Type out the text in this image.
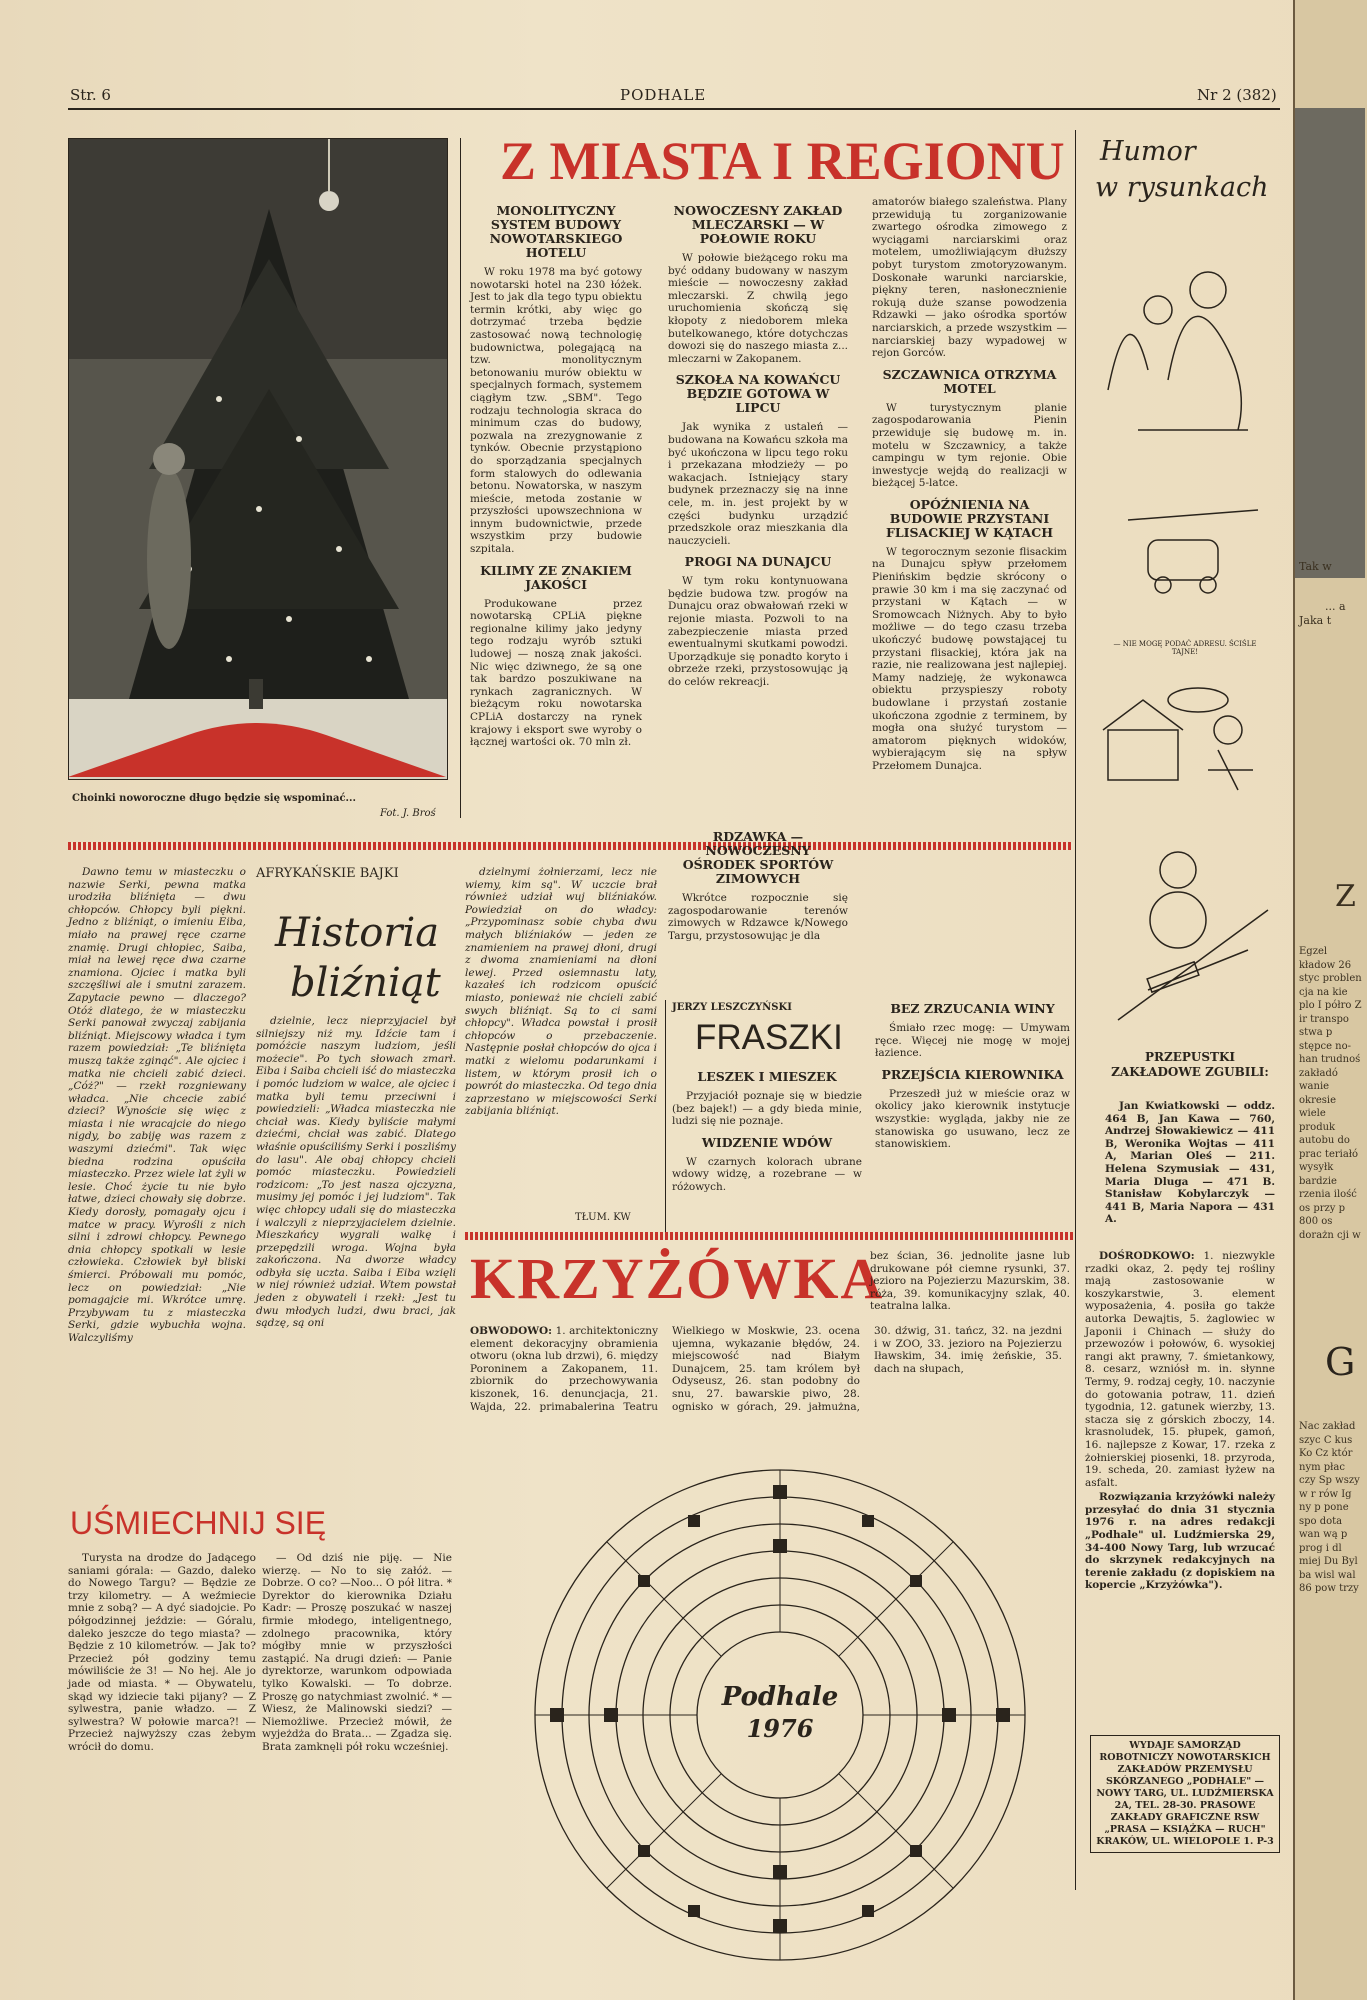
Str. 6	PODHALE	Nr 2 (382)
Choinki noworoczne długo będzie się wspominać...
Fot. J. Broś
Z MIASTA I REGIONU
MONOLITYCZNY SYSTEM BUDOWY NOWOTARSKIEGO HOTELU

W roku 1978 ma być gotowy nowotarski hotel na 230 łóżek. Jest to jak dla tego typu obiektu termin krótki, aby więc go dotrzymać trzeba będzie zastosować nową technologię budownictwa, polegającą na tzw. monolitycznym betonowaniu murów obiektu w specjalnych formach, systemem ciągłym tzw. „SBM". Tego rodzaju technologia skraca do minimum czas do budowy, pozwala na zrezygnowanie z tynków. Obecnie przystąpiono do sporządzania specjalnych form stalowych do odlewania betonu. Nowatorska, w naszym mieście, metoda zostanie w przyszłości upowszechniona w innym budownictwie, przede wszystkim przy budowie szpitala.

KILIMY ZE ZNAKIEM JAKOŚCI

Produkowane przez nowotarską CPLiA piękne regionalne kilimy jako jedyny tego rodzaju wyrób sztuki ludowej — noszą znak jakości. Nic więc dziwnego, że są one tak bardzo poszukiwane na rynkach zagranicznych. W bieżącym roku nowotarska CPLiA dostarczy na rynek krajowy i eksport swe wyroby o łącznej wartości ok. 70 mln zł.

NOWOCZESNY ZAKŁAD MLECZARSKI — W POŁOWIE ROKU

W połowie bieżącego roku ma być oddany budowany w naszym mieście — nowoczesny zakład mleczarski. Z chwilą jego uruchomienia skończą się kłopoty z niedoborem mleka butelkowanego, które dotychczas dowozi się do naszego miasta z... mleczarni w Zakopanem.

SZKOŁA NA KOWAŃCU BĘDZIE GOTOWA W LIPCU

Jak wynika z ustaleń — budowana na Kowańcu szkoła ma być ukończona w lipcu tego roku i przekazana młodzieży — po wakacjach. Istniejący stary budynek przeznaczy się na inne cele, m. in. jest projekt by w części budynku urządzić przedszkole oraz mieszkania dla nauczycieli.

PROGI NA DUNAJCU

W tym roku kontynuowana będzie budowa tzw. progów na Dunajcu oraz obwałowań rzeki w rejonie miasta. Pozwoli to na zabezpieczenie miasta przed ewentualnymi skutkami powodzi. Uporządkuje się ponadto koryto i obrzeże rzeki, przystosowując ją do celów rekreacji.

amatorów białego szaleństwa. Plany przewidują tu zorganizowanie zwartego ośrodka zimowego z wyciągami narciarskimi oraz motelem, umożliwiającym dłuższy pobyt turystom zmotoryzowanym. Doskonałe warunki narciarskie, piękny teren, nasłonecznienie rokują duże szanse powodzenia Rdzawki — jako ośrodka sportów narciarskich, a przede wszystkim — narciarskiej bazy wypadowej w rejon Gorców.

SZCZAWNICA OTRZYMA MOTEL

W turystycznym planie zagospodarowania Pienin przewiduje się budowę m. in. motelu w Szczawnicy, a także campingu w tym rejonie. Obie inwestycje wejdą do realizacji w bieżącej 5-latce.

OPÓŹNIENIA NA BUDOWIE PRZYSTANI FLISACKIEJ W KĄTACH

W tegorocznym sezonie flisackim na Dunajcu spływ przełomem Pienińskim będzie skrócony o prawie 30 km i ma się zaczynać od przystani w Kątach — w Sromowcach Niżnych. Aby to było możliwe — do tego czasu trzeba ukończyć budowę powstającej tu przystani flisackiej, która jak na razie, nie realizowana jest najlepiej. Mamy nadzieję, że wykonawca obiektu przyspieszy roboty budowlane i przystań zostanie ukończona zgodnie z terminem, by mogła ona służyć turystom — amatorom pięknych widoków, wybierającym się na spływ Przełomem Dunajca.

Humor
w rysunkach
— NIE MOGĘ PODAĆ ADRESU. ŚCIŚLE TAJNE!
PRZEPUSTKI ZAKŁADOWE ZGUBILI:

Jan Kwiatkowski — oddz. 464 B, Jan Kawa — 760, Andrzej Słowakiewicz — 411 B, Weronika Wojtas — 411 A, Marian Oleś — 211. Helena Szymusiak — 431, Maria Dluga — 471 B. Stanisław Kobylarczyk — 441 B, Maria Napora — 431 A.

RDZAWKA — NOWOCZESNY OŚRODEK SPORTÓW ZIMOWYCH

Wkrótce rozpocznie się zagospodarowanie terenów zimowych w Rdzawce k/Nowego Targu, przystosowując je dla

Dawno temu w miasteczku o nazwie Serki, pewna matka urodziła bliźnięta — dwu chłopców. Chłopcy byli piękni. Jedno z bliźniąt, o imieniu Eiba, miało na prawej ręce czarne znamię. Drugi chłopiec, Saiba, miał na lewej ręce dwa czarne znamiona. Ojciec i matka byli szczęśliwi ale i smutni zarazem. Zapytacie pewno — dlaczego? Otóż dlatego, że w miasteczku Serki panował zwyczaj zabijania bliźniąt. Miejscowy władca i tym razem powiedział: „Te bliźnięta muszą także zginąć". Ale ojciec i matka nie chcieli zabić dzieci. „Cóż?" — rzekł rozgniewany władca. „Nie chcecie zabić dzieci? Wynoście się więc z miasta i nie wracajcie do niego nigdy, bo zabiję was razem z waszymi dziećmi". Tak więc biedna rodzina opuściła miasteczko. Przez wiele lat żyli w lesie. Choć życie tu nie było łatwe, dzieci chowały się dobrze. Kiedy dorosły, pomagały ojcu i matce w pracy. Wyrośli z nich silni i zdrowi chłopcy. Pewnego dnia chłopcy spotkali w lesie człowieka. Człowiek był bliski śmierci. Próbowali mu pomóc, lecz on powiedział: „Nie pomagajcie mi. Wkrótce umrę. Przybywam tu z miasteczka Serki, gdzie wybuchła wojna. Walczyliśmy

AFRYKAŃSKIE BAJKI
Historia
bliźniąt

dzielnie, lecz nieprzyjaciel był silniejszy niż my. Idźcie tam i pomóżcie naszym ludziom, jeśli możecie". Po tych słowach zmarł. Eiba i Saiba chcieli iść do miasteczka i pomóc ludziom w walce, ale ojciec i matka byli temu przeciwni i powiedzieli: „Władca miasteczka nie chciał was. Kiedy byliście małymi dziećmi, chciał was zabić. Dlatego właśnie opuściliśmy Serki i poszliśmy do lasu". Ale obaj chłopcy chcieli pomóc miasteczku. Powiedzieli rodzicom: „To jest nasza ojczyzna, musimy jej pomóc i jej ludziom". Tak więc chłopcy udali się do miasteczka i walczyli z nieprzyjacielem dzielnie. Mieszkańcy wygrali walkę i przepędzili wroga. Wojna była zakończona. Na dworze władcy odbyła się uczta. Saiba i Eiba wzięli w niej również udział. Wtem powstał jeden z obywateli i rzekł: „Jest tu dwu młodych ludzi, dwu braci, jak sądzę, są oni

dzielnymi żołnierzami, lecz nie wiemy, kim są". W uczcie brał również udział wuj bliźniaków. Powiedział on do władcy: „Przypominasz sobie chyba dwu małych bliźniaków — jeden ze znamieniem na prawej dłoni, drugi z dwoma znamieniami na dłoni lewej. Przed osiemnastu laty, kazałeś ich rodzicom opuścić miasto, ponieważ nie chcieli zabić swych bliźniąt. Są to ci sami chłopcy". Władca powstał i prosił chłopców o przebaczenie. Następnie posłał chłopców do ojca i matki z wielomu podarunkami i listem, w którym prosił ich o powrót do miasteczka. Od tego dnia zaprzestano w miejscowości Serki zabijania bliźniąt.

TŁUM. KW
JERZY LESZCZYŃSKI
FRASZKI
LESZEK I MIESZEK

Przyjaciół poznaje się w biedzie (bez bajek!) — a gdy bieda minie, ludzi się nie poznaje.

WIDZENIE WDÓW

W czarnych kolorach ubrane wdowy widzę, a rozebrane — w różowych.

BEZ ZRZUCANIA WINY

Śmiało rzec mogę: — Umywam ręce. Więcej nie mogę w mojej łazience.

PRZEJŚCIA KIEROWNIKA

Przeszedł już w mieście oraz w okolicy jako kierownik instytucje wszystkie: wygląda, jakby nie ze stanowiska go usuwano, lecz ze stanowiskiem.

KRZYŻÓWKA

OBWODOWO: 1. architektoniczny element dekoracyjny obramienia otworu (okna lub drzwi), 6. między Poroninem a Zakopanem, 11. zbiornik do przechowywania kiszonek, 16. denuncjacja, 21. Wajda, 22. primabalerina Teatru Wielkiego w Moskwie, 23. ocena ujemna, wykazanie błędów, 24. miejscowość nad Białym Dunajcem, 25. tam królem był Odyseusz, 26. stan podobny do snu, 27. bawarskie piwo, 28. ognisko w górach, 29. jałmużna, 30. dźwig, 31. tańcz, 32. na jezdni i w ZOO, 33. jezioro na Pojezierzu Iławskim, 34. imię żeńskie, 35. dach na słupach,

bez ścian, 36. jednolite jasne lub drukowane pół ciemne rysunki, 37. jezioro na Pojezierzu Mazurskim, 38. róża, 39. komunikacyjny szlak, 40. teatralna lalka.

DOŚRODKOWO: 1. niezwykle rzadki okaz, 2. pędy tej rośliny mają zastosowanie w koszykarstwie, 3. element wyposażenia, 4. posiła go także autorka Dewajtis, 5. żaglowiec w Japonii i Chinach — służy do przewozów i połowów, 6. wysokiej rangi akt prawny, 7. śmietankowy, 8. cesarz, wzniósł m. in. słynne Termy, 9. rodzaj cegły, 10. naczynie do gotowania potraw, 11. dzień tygodnia, 12. gatunek wierzby, 13. stacza się z górskich zboczy, 14. krasnoludek, 15. płupek, gamoń, 16. najlepsze z Kowar, 17. rzeka z żołnierskiej piosenki, 18. przyroda, 19. scheda, 20. zamiast łyżew na asfalt.

Rozwiązania krzyżówki należy przesyłać do dnia 31 stycznia 1976 r. na adres redakcji „Podhale" ul. Ludźmierska 29, 34-400 Nowy Targ, lub wrzucać do skrzynek redakcyjnych na terenie zakładu (z dopiskiem na kopercie „Krzyżówka").

Podhale
1976
UŚMIECHNIJ SIĘ

Turysta na drodze do Jadącego saniami górala: — Gazdo, daleko do Nowego Targu? — Będzie ze trzy kilometry. — A weźmiecie mnie z sobą? — A dyć siadojcie. Po półgodzinnej jeździe: — Góralu, daleko jeszcze do tego miasta? — Będzie z 10 kilometrów. — Jak to? Przecież pół godziny temu mówiliście że 3! — No hej. Ale jo jade od miasta. * — Obywatelu, skąd wy idziecie taki pijany? — Z sylwestra, panie władzo. — Z sylwestra? W połowie marca?! — Przecież najwyższy czas żebym wrócił do domu.

— Od dziś nie piję. — Nie wierzę. — No to się załóż. — Dobrze. O co? —Noo... O pół litra. * Dyrektor do kierownika Działu Kadr: — Proszę poszukać w naszej firmie młodego, inteligentnego, zdolnego pracownika, który mógłby mnie w przyszłości zastąpić. Na drugi dzień: — Panie dyrektorze, warunkom odpowiada tylko Kowalski. — To dobrze. Proszę go natychmiast zwolnić. * — Wiesz, że Malinowski siedzi? — Niemożliwe. Przecież mówił, że wyjeżdża do Brata... — Zgadza się. Brata zamknęli pół roku wcześniej.	WYDAJE SAMORZĄD ROBOTNICZY NOWOTARSKICH ZAKŁADÓW PRZEMYSŁU SKÓRZANEGO „PODHALE" — NOWY TARG, UL. LUDŹMIERSKA 2A, TEL. 28-30. PRASOWE ZAKŁADY GRAFICZNE RSW „PRASA — KSIĄŻKA — RUCH" KRAKÓW, UL. WIELOPOLE 1. P-3
Tak w
... a
Jaka t
Z
Egzel kładow 26 styc problen cja na kie plo I półro Z ir transpo stwa p stępce no-han trudnoś zakładó wanie okresie wiele produk autobu do prac teriałó wysyłk bardzie rzenia ilość os przy p 800 os dorażn cji w
G
Nac zakład szyc C kus Ko Cz któr nym płac czy Sp wszy w r rów Ig ny p pone spo dota wan wą p prog i dl miej Du Byl ba wisl wal 86 pow trzy
